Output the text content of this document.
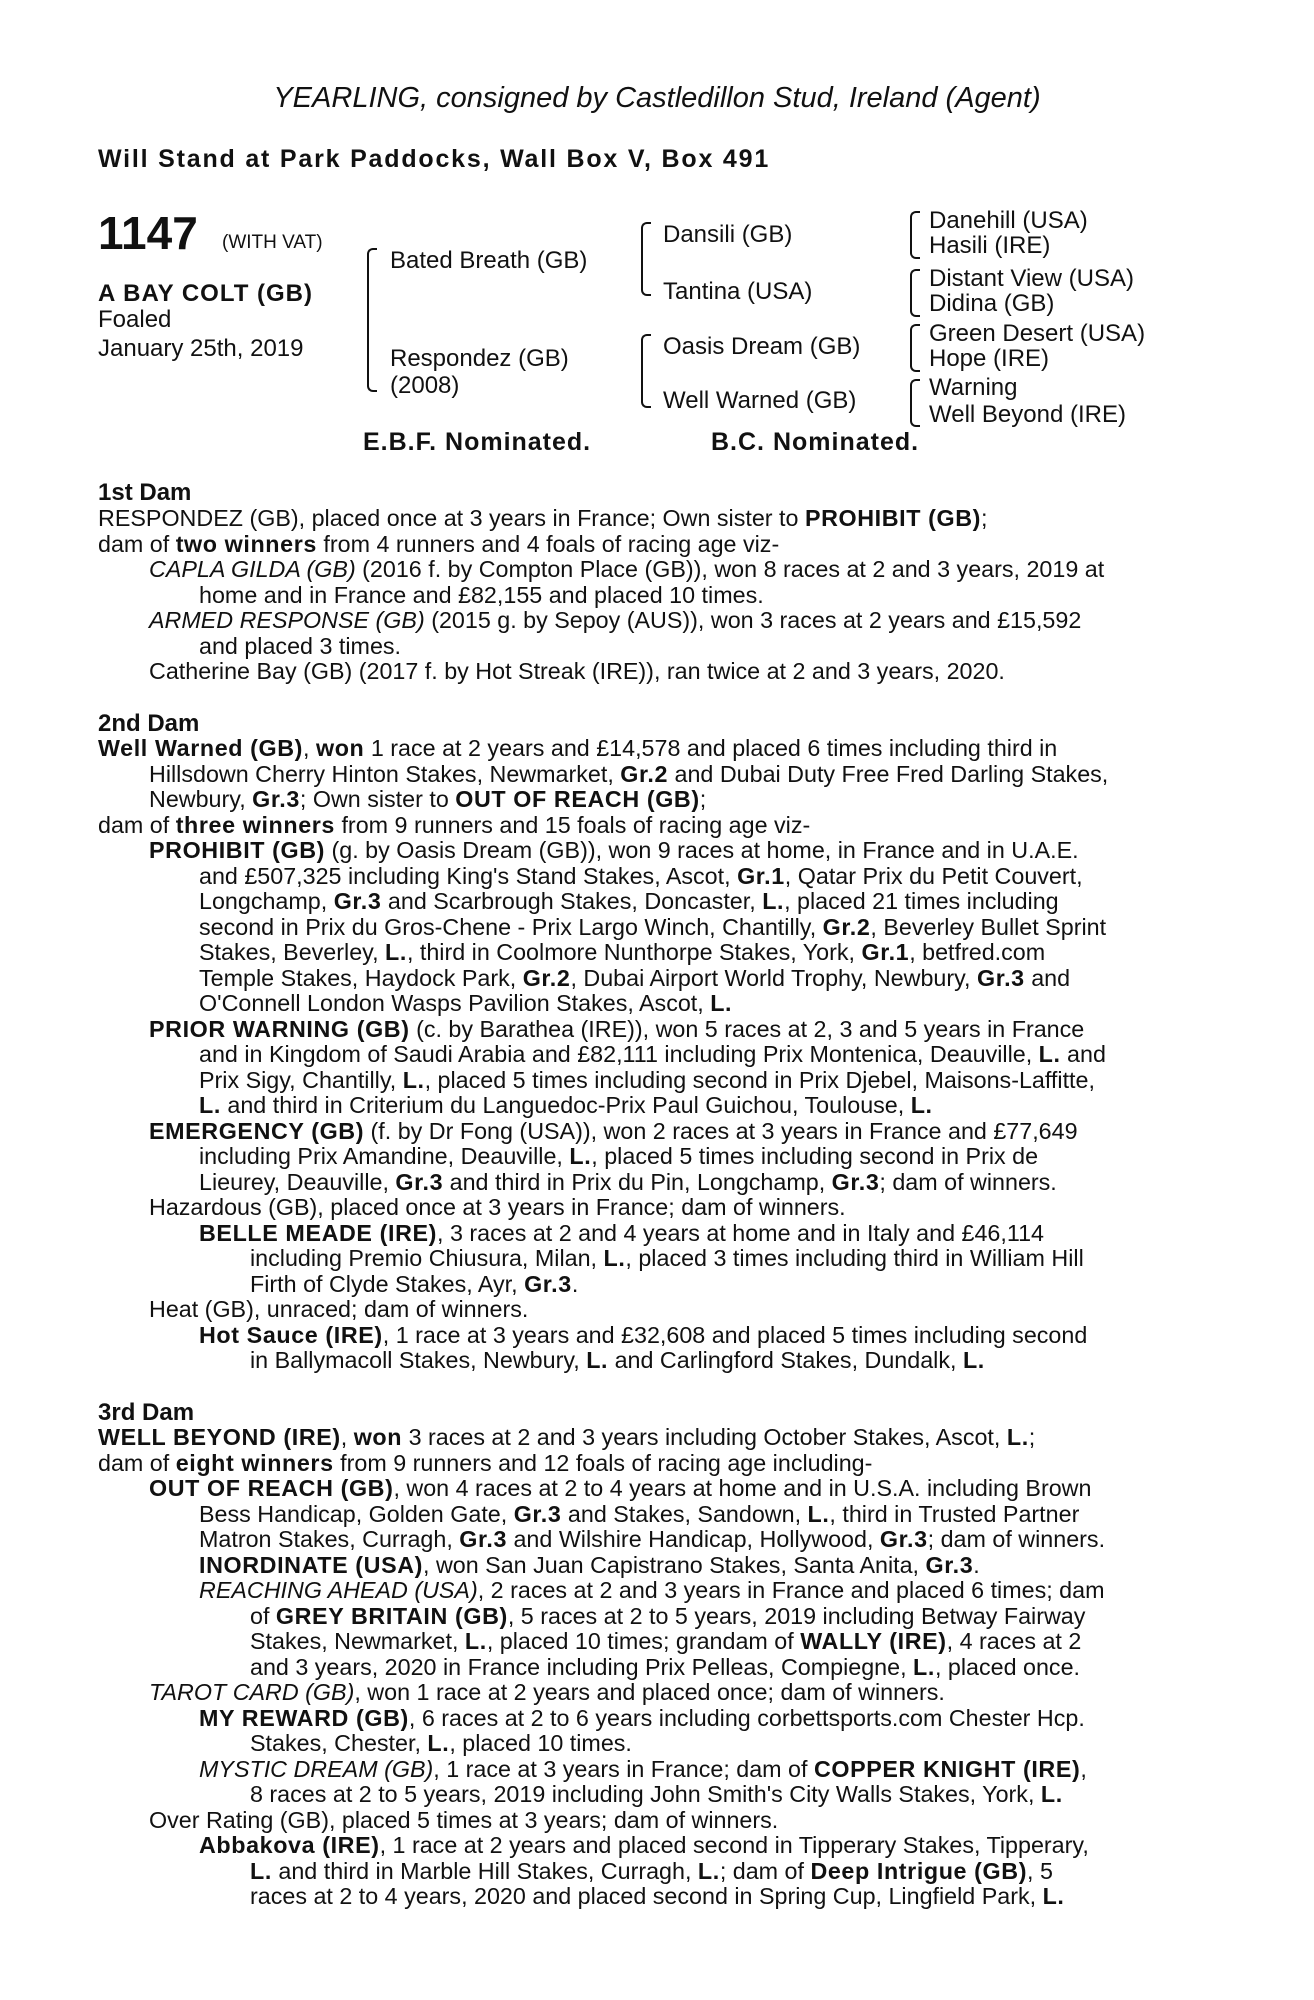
YEARLING, consigned by Castledillon Stud, Ireland (Agent)
Will Stand at Park Paddocks, Wall Box V, Box 491
1147 (WITH VAT)
A BAY COLT (GB)
Foaled
January 25th, 2019
Bated Breath (GB)
Respondez (GB)
(2008)
Dansili (GB)
Tantina (USA)
Oasis Dream (GB)
Well Warned (GB)
Danehill (USA)
Hasili (IRE)
Distant View (USA)
Didina (GB)
Green Desert (USA)
Hope (IRE)
Warning
Well Beyond (IRE)
E.B.F. Nominated.	B.C. Nominated.
1st Dam
RESPONDEZ (GB), placed once at 3 years in France; Own sister to PROHIBIT (GB);
dam of two winners from 4 runners and 4 foals of racing age viz-
CAPLA GILDA (GB) (2016 f. by Compton Place (GB)), won 8 races at 2 and 3 years, 2019 at
home and in France and £82,155 and placed 10 times.
ARMED RESPONSE (GB) (2015 g. by Sepoy (AUS)), won 3 races at 2 years and £15,592
and placed 3 times.
Catherine Bay (GB) (2017 f. by Hot Streak (IRE)), ran twice at 2 and 3 years, 2020.
2nd Dam
Well Warned (GB), won 1 race at 2 years and £14,578 and placed 6 times including third in
Hillsdown Cherry Hinton Stakes, Newmarket, Gr.2 and Dubai Duty Free Fred Darling Stakes,
Newbury, Gr.3; Own sister to OUT OF REACH (GB);
dam of three winners from 9 runners and 15 foals of racing age viz-
PROHIBIT (GB) (g. by Oasis Dream (GB)), won 9 races at home, in France and in U.A.E.
and £507,325 including King's Stand Stakes, Ascot, Gr.1, Qatar Prix du Petit Couvert,
Longchamp, Gr.3 and Scarbrough Stakes, Doncaster, L., placed 21 times including
second in Prix du Gros-Chene - Prix Largo Winch, Chantilly, Gr.2, Beverley Bullet Sprint
Stakes, Beverley, L., third in Coolmore Nunthorpe Stakes, York, Gr.1, betfred.com
Temple Stakes, Haydock Park, Gr.2, Dubai Airport World Trophy, Newbury, Gr.3 and
O'Connell London Wasps Pavilion Stakes, Ascot, L.
PRIOR WARNING (GB) (c. by Barathea (IRE)), won 5 races at 2, 3 and 5 years in France
and in Kingdom of Saudi Arabia and £82,111 including Prix Montenica, Deauville, L. and
Prix Sigy, Chantilly, L., placed 5 times including second in Prix Djebel, Maisons-Laffitte,
L. and third in Criterium du Languedoc-Prix Paul Guichou, Toulouse, L.
EMERGENCY (GB) (f. by Dr Fong (USA)), won 2 races at 3 years in France and £77,649
including Prix Amandine, Deauville, L., placed 5 times including second in Prix de
Lieurey, Deauville, Gr.3 and third in Prix du Pin, Longchamp, Gr.3; dam of winners.
Hazardous (GB), placed once at 3 years in France; dam of winners.
BELLE MEADE (IRE), 3 races at 2 and 4 years at home and in Italy and £46,114
including Premio Chiusura, Milan, L., placed 3 times including third in William Hill
Firth of Clyde Stakes, Ayr, Gr.3.
Heat (GB), unraced; dam of winners.
Hot Sauce (IRE), 1 race at 3 years and £32,608 and placed 5 times including second
in Ballymacoll Stakes, Newbury, L. and Carlingford Stakes, Dundalk, L.
3rd Dam
WELL BEYOND (IRE), won 3 races at 2 and 3 years including October Stakes, Ascot, L.;
dam of eight winners from 9 runners and 12 foals of racing age including-
OUT OF REACH (GB), won 4 races at 2 to 4 years at home and in U.S.A. including Brown
Bess Handicap, Golden Gate, Gr.3 and Stakes, Sandown, L., third in Trusted Partner
Matron Stakes, Curragh, Gr.3 and Wilshire Handicap, Hollywood, Gr.3; dam of winners.
INORDINATE (USA), won San Juan Capistrano Stakes, Santa Anita, Gr.3.
REACHING AHEAD (USA), 2 races at 2 and 3 years in France and placed 6 times; dam
of GREY BRITAIN (GB), 5 races at 2 to 5 years, 2019 including Betway Fairway
Stakes, Newmarket, L., placed 10 times; grandam of WALLY (IRE), 4 races at 2
and 3 years, 2020 in France including Prix Pelleas, Compiegne, L., placed once.
TAROT CARD (GB), won 1 race at 2 years and placed once; dam of winners.
MY REWARD (GB), 6 races at 2 to 6 years including corbettsports.com Chester Hcp.
Stakes, Chester, L., placed 10 times.
MYSTIC DREAM (GB), 1 race at 3 years in France; dam of COPPER KNIGHT (IRE),
8 races at 2 to 5 years, 2019 including John Smith's City Walls Stakes, York, L.
Over Rating (GB), placed 5 times at 3 years; dam of winners.
Abbakova (IRE), 1 race at 2 years and placed second in Tipperary Stakes, Tipperary,
L. and third in Marble Hill Stakes, Curragh, L.; dam of Deep Intrigue (GB), 5
races at 2 to 4 years, 2020 and placed second in Spring Cup, Lingfield Park, L.
